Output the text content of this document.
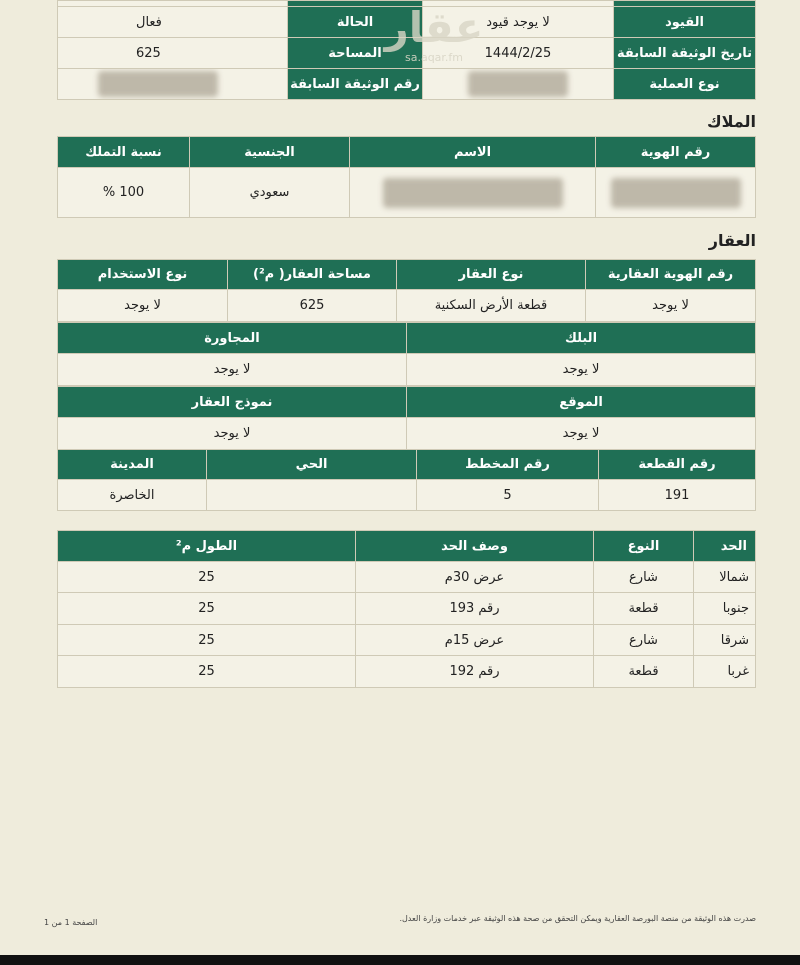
القيود	لا يوجد قيود	الحالة	فعال
تاريخ الوثيقة السابقة	1444/2/25	المساحة	625
نوع العملية		رقم الوثيقة السابقة	
عقار
sa.aqar.fm
الملاك
رقم الهوية	الاسم	الجنسية	نسبة التملك
		سعودي	100 %
العقار
رقم الهوية العقارية	نوع العقار	مساحة العقار( م²)	نوع الاستخدام
لا يوجد	قطعة الأرض السكنية	625	لا يوجد
البلك	المجاورة
لا يوجد	لا يوجد
الموقع	نموذج العقار
لا يوجد	لا يوجد
رقم القطعة	رقم المخطط	الحي	المدينة
191	5		الخاصرة
الحد	النوع	وصف الحد	الطول م²
شمالا	شارع	عرض 30م	25
جنوبا	قطعة	رقم 193	25
شرقا	شارع	عرض 15م	25
غربا	قطعة	رقم 192	25
صدرت هذه الوثيقة من منصة البورصة العقارية ويمكن التحقق من صحة هذه الوثيقة عبر خدمات وزارة العدل.
الصفحة 1 من 1
